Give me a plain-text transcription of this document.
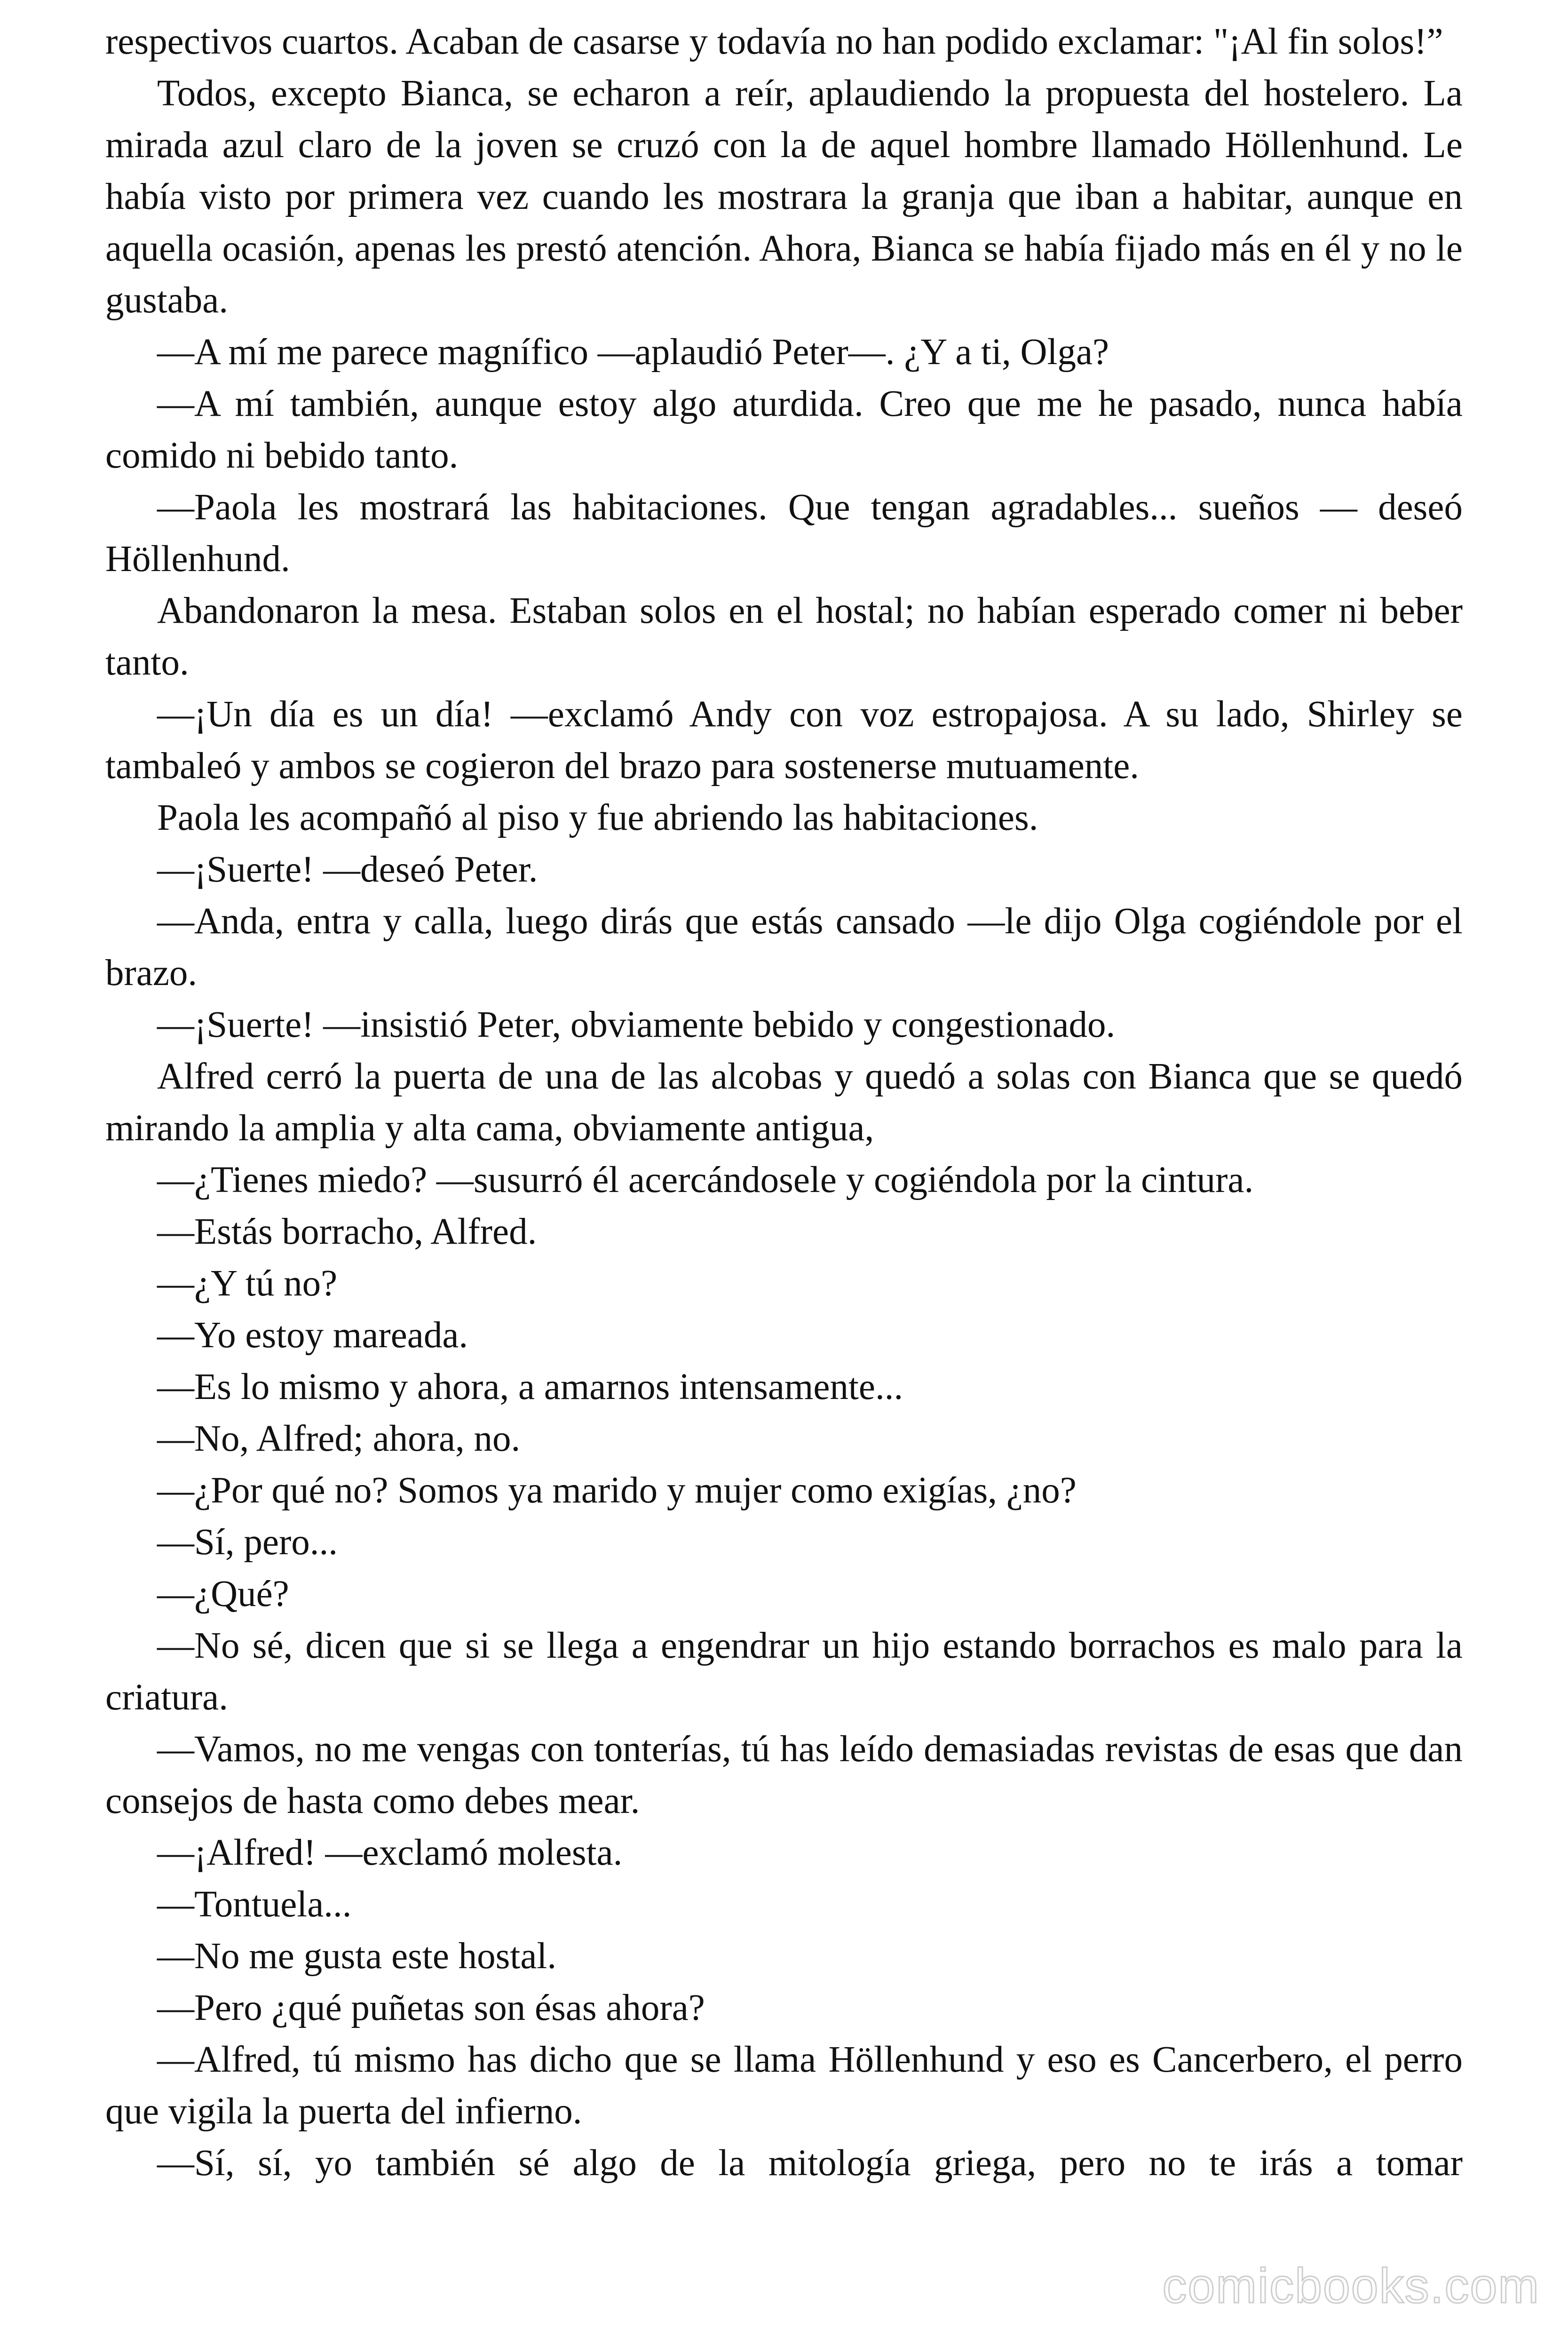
respectivos cuartos. Acaban de casarse y todavía no han podido exclamar: "¡Al fin solos!”

Todos, excepto Bianca, se echaron a reír, aplaudiendo la propuesta del hostelero. La mirada azul claro de la joven se cruzó con la de aquel hombre llamado Höllenhund. Le había visto por primera vez cuando les mostrara la granja que iban a habitar, aunque en aquella ocasión, apenas les prestó atención. Ahora, Bianca se había fijado más en él y no le gustaba.

—A mí me parece magnífico —aplaudió Peter—. ¿Y a ti, Olga?

—A mí también, aunque estoy algo aturdida. Creo que me he pasado, nunca había comido ni bebido tanto.

—Paola les mostrará las habitaciones. Que tengan agradables... sueños — deseó Höllenhund.

Abandonaron la mesa. Estaban solos en el hostal; no habían esperado comer ni beber tanto.

—¡Un día es un día! —exclamó Andy con voz estropajosa. A su lado, Shirley se tambaleó y ambos se cogieron del brazo para sostenerse mutuamente.

Paola les acompañó al piso y fue abriendo las habitaciones.

—¡Suerte! —deseó Peter.

—Anda, entra y calla, luego dirás que estás cansado —le dijo Olga cogiéndole por el brazo.

—¡Suerte! —insistió Peter, obviamente bebido y congestionado.

Alfred cerró la puerta de una de las alcobas y quedó a solas con Bianca que se quedó mirando la amplia y alta cama, obviamente antigua,

—¿Tienes miedo? —susurró él acercándosele y cogiéndola por la cintura.

—Estás borracho, Alfred.

—¿Y tú no?

—Yo estoy mareada.

—Es lo mismo y ahora, a amarnos intensamente...

—No, Alfred; ahora, no.

—¿Por qué no? Somos ya marido y mujer como exigías, ¿no?

—Sí, pero...

—¿Qué?

—No sé, dicen que si se llega a engendrar un hijo estando borrachos es malo para la criatura.

—Vamos, no me vengas con tonterías, tú has leído demasiadas revistas de esas que dan consejos de hasta como debes mear.

—¡Alfred! —exclamó molesta.

—Tontuela...

—No me gusta este hostal.

—Pero ¿qué puñetas son ésas ahora?

—Alfred, tú mismo has dicho que se llama Höllenhund y eso es Cancerbero, el perro que vigila la puerta del infierno.

—Sí, sí, yo también sé algo de la mitología griega, pero no te irás a tomar

comicbooks.com
